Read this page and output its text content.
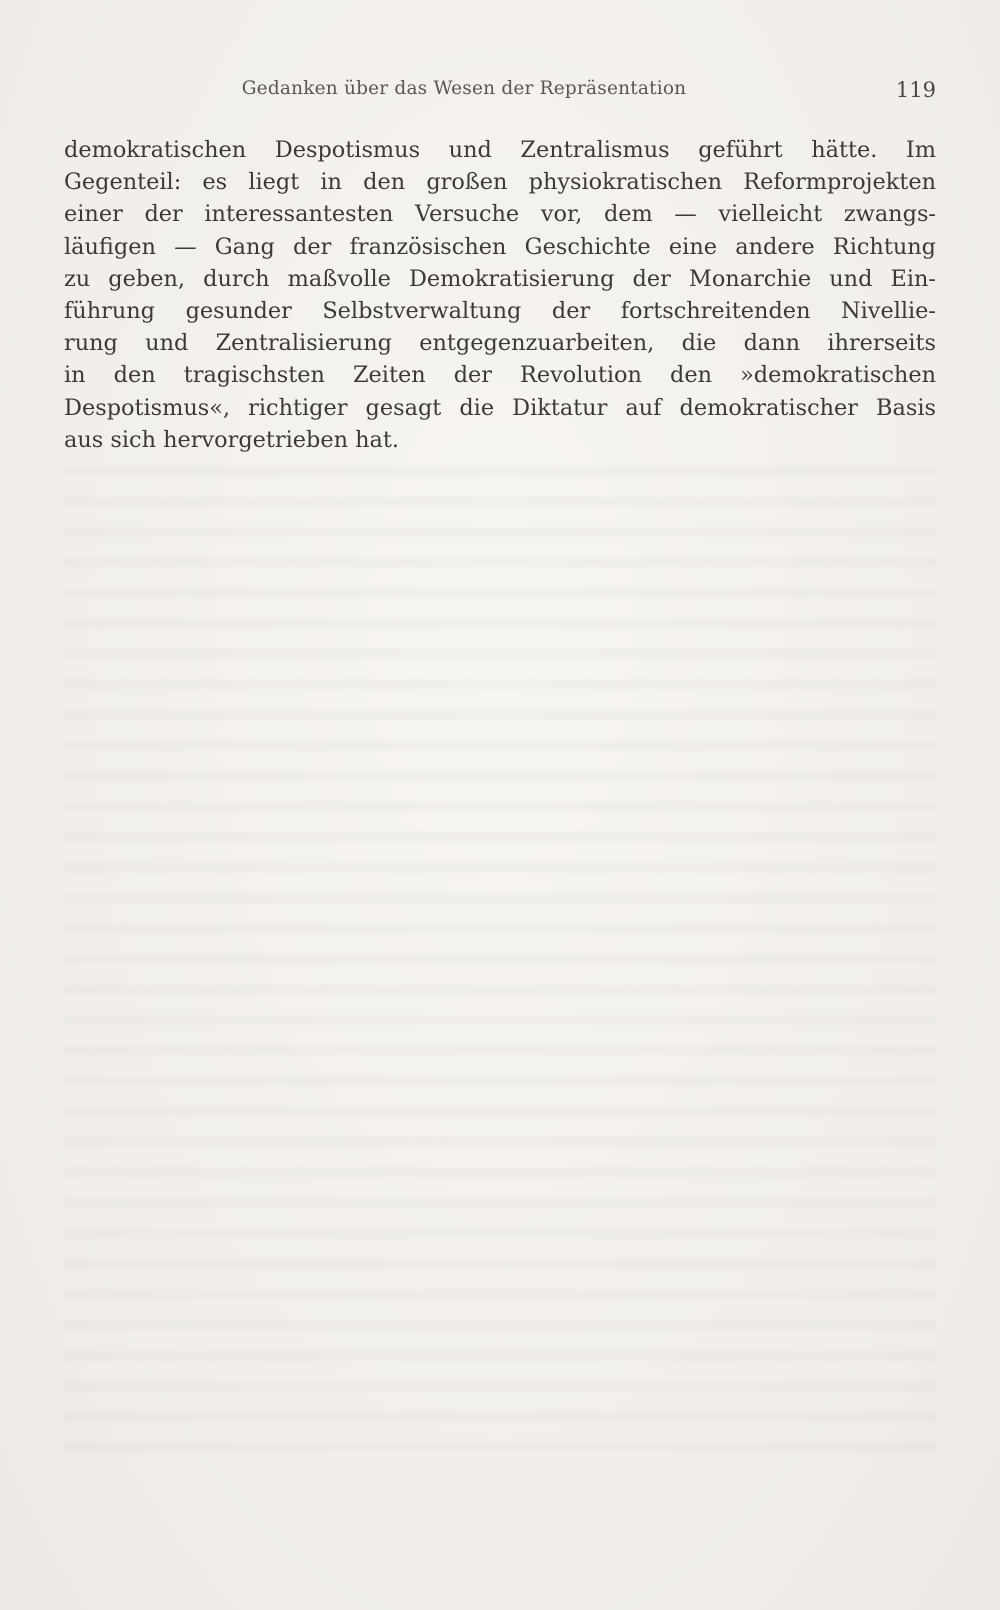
Gedanken über das Wesen der Repräsentation	119
demokratischen Despotismus und Zentralismus geführt hätte. Im
Gegenteil: es liegt in den großen physiokratischen Reformprojekten
einer der interessantesten Versuche vor, dem — vielleicht zwangs-
läufigen — Gang der französischen Geschichte eine andere Richtung
zu geben, durch maßvolle Demokratisierung der Monarchie und Ein-
führung gesunder Selbstverwaltung der fortschreitenden Nivellie-
rung und Zentralisierung entgegenzuarbeiten, die dann ihrerseits
in den tragischsten Zeiten der Revolution den »demokratischen
Despotismus«, richtiger gesagt die Diktatur auf demokratischer Basis
aus sich hervorgetrieben hat.
